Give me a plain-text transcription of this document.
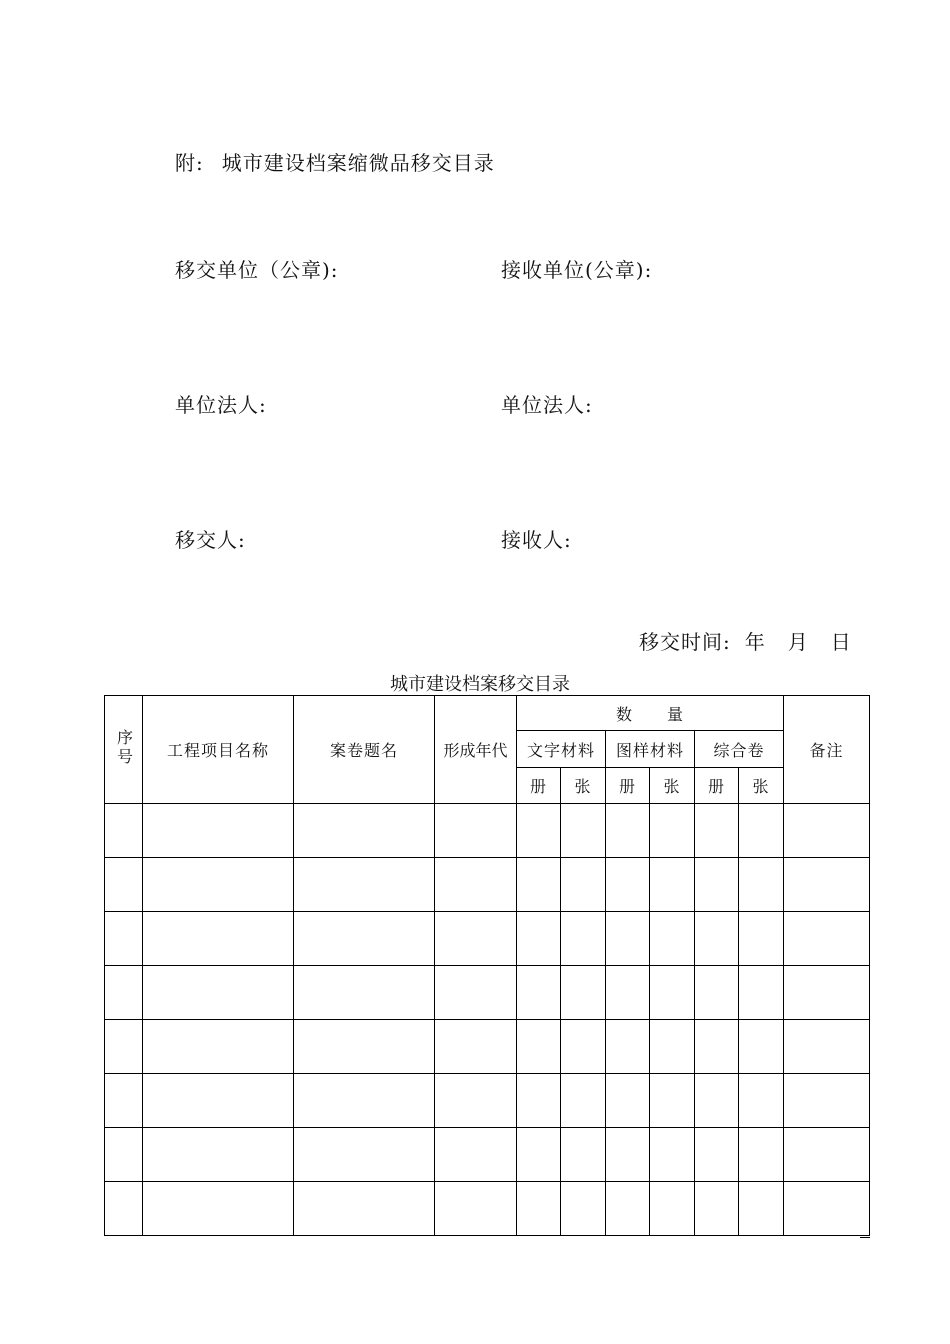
附: 城市建设档案缩微品移交目录
移交单位（公章):	接收单位(公章):
单位法人:	单位法人:
移交人:	接收人:
移交时间: 年 月 日
城市建设档案移交目录
序号	工程项目名称	案卷题名	形成年代	数　　量						备注
				文字材料		图样材料		综合卷		
				册	张	册	张	册	张	
